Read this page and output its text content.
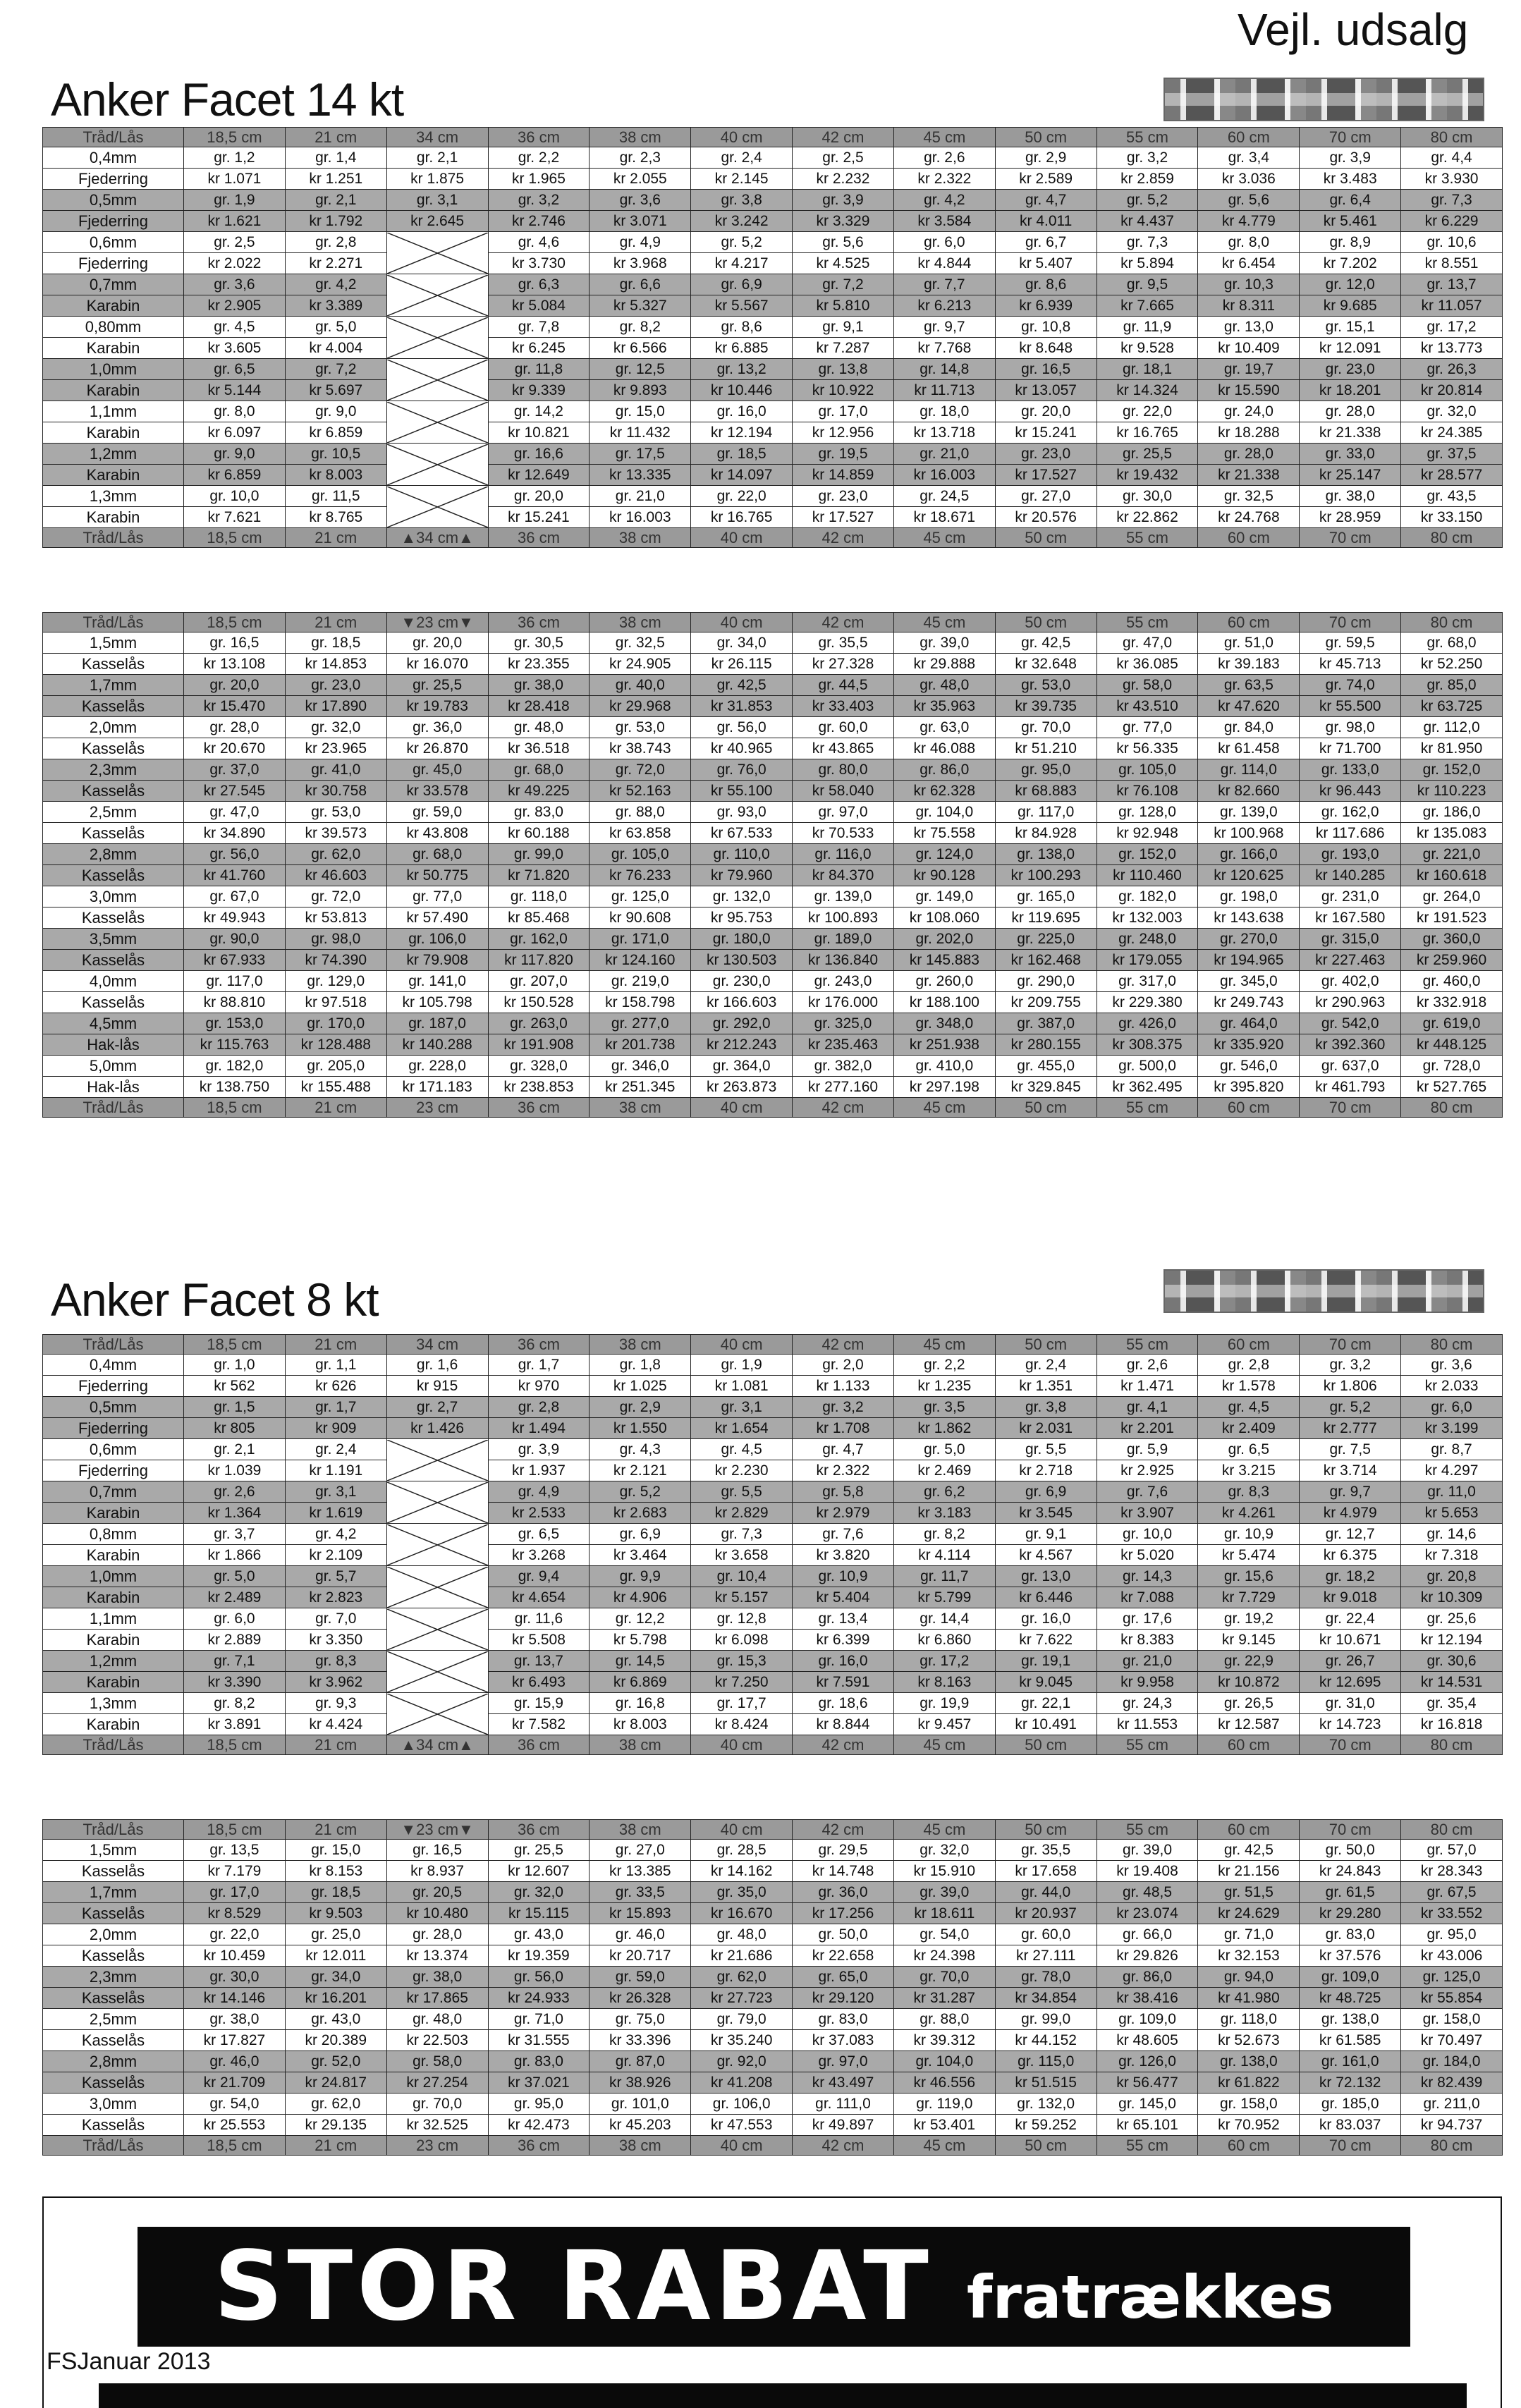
Vejl. udsalg
Anker Facet 14 kt
Tråd/Lås	18,5 cm	21 cm	34 cm	36 cm	38 cm	40 cm	42 cm	45 cm	50 cm	55 cm	60 cm	70 cm	80 cm
0,4mm	gr. 1,2	gr. 1,4	gr. 2,1	gr. 2,2	gr. 2,3	gr. 2,4	gr. 2,5	gr. 2,6	gr. 2,9	gr. 3,2	gr. 3,4	gr. 3,9	gr. 4,4
Fjederring	kr 1.071	kr 1.251	kr 1.875	kr 1.965	kr 2.055	kr 2.145	kr 2.232	kr 2.322	kr 2.589	kr 2.859	kr 3.036	kr 3.483	kr 3.930
0,5mm	gr. 1,9	gr. 2,1	gr. 3,1	gr. 3,2	gr. 3,6	gr. 3,8	gr. 3,9	gr. 4,2	gr. 4,7	gr. 5,2	gr. 5,6	gr. 6,4	gr. 7,3
Fjederring	kr 1.621	kr 1.792	kr 2.645	kr 2.746	kr 3.071	kr 3.242	kr 3.329	kr 3.584	kr 4.011	kr 4.437	kr 4.779	kr 5.461	kr 6.229
0,6mm	gr. 2,5	gr. 2,8		gr. 4,6	gr. 4,9	gr. 5,2	gr. 5,6	gr. 6,0	gr. 6,7	gr. 7,3	gr. 8,0	gr. 8,9	gr. 10,6
Fjederring	kr 2.022	kr 2.271		kr 3.730	kr 3.968	kr 4.217	kr 4.525	kr 4.844	kr 5.407	kr 5.894	kr 6.454	kr 7.202	kr 8.551
0,7mm	gr. 3,6	gr. 4,2		gr. 6,3	gr. 6,6	gr. 6,9	gr. 7,2	gr. 7,7	gr. 8,6	gr. 9,5	gr. 10,3	gr. 12,0	gr. 13,7
Karabin	kr 2.905	kr 3.389		kr 5.084	kr 5.327	kr 5.567	kr 5.810	kr 6.213	kr 6.939	kr 7.665	kr 8.311	kr 9.685	kr 11.057
0,80mm	gr. 4,5	gr. 5,0		gr. 7,8	gr. 8,2	gr. 8,6	gr. 9,1	gr. 9,7	gr. 10,8	gr. 11,9	gr. 13,0	gr. 15,1	gr. 17,2
Karabin	kr 3.605	kr 4.004		kr 6.245	kr 6.566	kr 6.885	kr 7.287	kr 7.768	kr 8.648	kr 9.528	kr 10.409	kr 12.091	kr 13.773
1,0mm	gr. 6,5	gr. 7,2		gr. 11,8	gr. 12,5	gr. 13,2	gr. 13,8	gr. 14,8	gr. 16,5	gr. 18,1	gr. 19,7	gr. 23,0	gr. 26,3
Karabin	kr 5.144	kr 5.697		kr 9.339	kr 9.893	kr 10.446	kr 10.922	kr 11.713	kr 13.057	kr 14.324	kr 15.590	kr 18.201	kr 20.814
1,1mm	gr. 8,0	gr. 9,0		gr. 14,2	gr. 15,0	gr. 16,0	gr. 17,0	gr. 18,0	gr. 20,0	gr. 22,0	gr. 24,0	gr. 28,0	gr. 32,0
Karabin	kr 6.097	kr 6.859		kr 10.821	kr 11.432	kr 12.194	kr 12.956	kr 13.718	kr 15.241	kr 16.765	kr 18.288	kr 21.338	kr 24.385
1,2mm	gr. 9,0	gr. 10,5		gr. 16,6	gr. 17,5	gr. 18,5	gr. 19,5	gr. 21,0	gr. 23,0	gr. 25,5	gr. 28,0	gr. 33,0	gr. 37,5
Karabin	kr 6.859	kr 8.003		kr 12.649	kr 13.335	kr 14.097	kr 14.859	kr 16.003	kr 17.527	kr 19.432	kr 21.338	kr 25.147	kr 28.577
1,3mm	gr. 10,0	gr. 11,5		gr. 20,0	gr. 21,0	gr. 22,0	gr. 23,0	gr. 24,5	gr. 27,0	gr. 30,0	gr. 32,5	gr. 38,0	gr. 43,5
Karabin	kr 7.621	kr 8.765		kr 15.241	kr 16.003	kr 16.765	kr 17.527	kr 18.671	kr 20.576	kr 22.862	kr 24.768	kr 28.959	kr 33.150
Tråd/Lås	18,5 cm	21 cm	▲34 cm▲	36 cm	38 cm	40 cm	42 cm	45 cm	50 cm	55 cm	60 cm	70 cm	80 cm
Tråd/Lås	18,5 cm	21 cm	▼23 cm▼	36 cm	38 cm	40 cm	42 cm	45 cm	50 cm	55 cm	60 cm	70 cm	80 cm
1,5mm	gr. 16,5	gr. 18,5	gr. 20,0	gr. 30,5	gr. 32,5	gr. 34,0	gr. 35,5	gr. 39,0	gr. 42,5	gr. 47,0	gr. 51,0	gr. 59,5	gr. 68,0
Kasselås	kr 13.108	kr 14.853	kr 16.070	kr 23.355	kr 24.905	kr 26.115	kr 27.328	kr 29.888	kr 32.648	kr 36.085	kr 39.183	kr 45.713	kr 52.250
1,7mm	gr. 20,0	gr. 23,0	gr. 25,5	gr. 38,0	gr. 40,0	gr. 42,5	gr. 44,5	gr. 48,0	gr. 53,0	gr. 58,0	gr. 63,5	gr. 74,0	gr. 85,0
Kasselås	kr 15.470	kr 17.890	kr 19.783	kr 28.418	kr 29.968	kr 31.853	kr 33.403	kr 35.963	kr 39.735	kr 43.510	kr 47.620	kr 55.500	kr 63.725
2,0mm	gr. 28,0	gr. 32,0	gr. 36,0	gr. 48,0	gr. 53,0	gr. 56,0	gr. 60,0	gr. 63,0	gr. 70,0	gr. 77,0	gr. 84,0	gr. 98,0	gr. 112,0
Kasselås	kr 20.670	kr 23.965	kr 26.870	kr 36.518	kr 38.743	kr 40.965	kr 43.865	kr 46.088	kr 51.210	kr 56.335	kr 61.458	kr 71.700	kr 81.950
2,3mm	gr. 37,0	gr. 41,0	gr. 45,0	gr. 68,0	gr. 72,0	gr. 76,0	gr. 80,0	gr. 86,0	gr. 95,0	gr. 105,0	gr. 114,0	gr. 133,0	gr. 152,0
Kasselås	kr 27.545	kr 30.758	kr 33.578	kr 49.225	kr 52.163	kr 55.100	kr 58.040	kr 62.328	kr 68.883	kr 76.108	kr 82.660	kr 96.443	kr 110.223
2,5mm	gr. 47,0	gr. 53,0	gr. 59,0	gr. 83,0	gr. 88,0	gr. 93,0	gr. 97,0	gr. 104,0	gr. 117,0	gr. 128,0	gr. 139,0	gr. 162,0	gr. 186,0
Kasselås	kr 34.890	kr 39.573	kr 43.808	kr 60.188	kr 63.858	kr 67.533	kr 70.533	kr 75.558	kr 84.928	kr 92.948	kr 100.968	kr 117.686	kr 135.083
2,8mm	gr. 56,0	gr. 62,0	gr. 68,0	gr. 99,0	gr. 105,0	gr. 110,0	gr. 116,0	gr. 124,0	gr. 138,0	gr. 152,0	gr. 166,0	gr. 193,0	gr. 221,0
Kasselås	kr 41.760	kr 46.603	kr 50.775	kr 71.820	kr 76.233	kr 79.960	kr 84.370	kr 90.128	kr 100.293	kr 110.460	kr 120.625	kr 140.285	kr 160.618
3,0mm	gr. 67,0	gr. 72,0	gr. 77,0	gr. 118,0	gr. 125,0	gr. 132,0	gr. 139,0	gr. 149,0	gr. 165,0	gr. 182,0	gr. 198,0	gr. 231,0	gr. 264,0
Kasselås	kr 49.943	kr 53.813	kr 57.490	kr 85.468	kr 90.608	kr 95.753	kr 100.893	kr 108.060	kr 119.695	kr 132.003	kr 143.638	kr 167.580	kr 191.523
3,5mm	gr. 90,0	gr. 98,0	gr. 106,0	gr. 162,0	gr. 171,0	gr. 180,0	gr. 189,0	gr. 202,0	gr. 225,0	gr. 248,0	gr. 270,0	gr. 315,0	gr. 360,0
Kasselås	kr 67.933	kr 74.390	kr 79.908	kr 117.820	kr 124.160	kr 130.503	kr 136.840	kr 145.883	kr 162.468	kr 179.055	kr 194.965	kr 227.463	kr 259.960
4,0mm	gr. 117,0	gr. 129,0	gr. 141,0	gr. 207,0	gr. 219,0	gr. 230,0	gr. 243,0	gr. 260,0	gr. 290,0	gr. 317,0	gr. 345,0	gr. 402,0	gr. 460,0
Kasselås	kr 88.810	kr 97.518	kr 105.798	kr 150.528	kr 158.798	kr 166.603	kr 176.000	kr 188.100	kr 209.755	kr 229.380	kr 249.743	kr 290.963	kr 332.918
4,5mm	gr. 153,0	gr. 170,0	gr. 187,0	gr. 263,0	gr. 277,0	gr. 292,0	gr. 325,0	gr. 348,0	gr. 387,0	gr. 426,0	gr. 464,0	gr. 542,0	gr. 619,0
Hak-lås	kr 115.763	kr 128.488	kr 140.288	kr 191.908	kr 201.738	kr 212.243	kr 235.463	kr 251.938	kr 280.155	kr 308.375	kr 335.920	kr 392.360	kr 448.125
5,0mm	gr. 182,0	gr. 205,0	gr. 228,0	gr. 328,0	gr. 346,0	gr. 364,0	gr. 382,0	gr. 410,0	gr. 455,0	gr. 500,0	gr. 546,0	gr. 637,0	gr. 728,0
Hak-lås	kr 138.750	kr 155.488	kr 171.183	kr 238.853	kr 251.345	kr 263.873	kr 277.160	kr 297.198	kr 329.845	kr 362.495	kr 395.820	kr 461.793	kr 527.765
Tråd/Lås	18,5 cm	21 cm	23 cm	36 cm	38 cm	40 cm	42 cm	45 cm	50 cm	55 cm	60 cm	70 cm	80 cm
Anker Facet 8 kt
Tråd/Lås	18,5 cm	21 cm	34 cm	36 cm	38 cm	40 cm	42 cm	45 cm	50 cm	55 cm	60 cm	70 cm	80 cm
0,4mm	gr. 1,0	gr. 1,1	gr. 1,6	gr. 1,7	gr. 1,8	gr. 1,9	gr. 2,0	gr. 2,2	gr. 2,4	gr. 2,6	gr. 2,8	gr. 3,2	gr. 3,6
Fjederring	kr 562	kr 626	kr 915	kr 970	kr 1.025	kr 1.081	kr 1.133	kr 1.235	kr 1.351	kr 1.471	kr 1.578	kr 1.806	kr 2.033
0,5mm	gr. 1,5	gr. 1,7	gr. 2,7	gr. 2,8	gr. 2,9	gr. 3,1	gr. 3,2	gr. 3,5	gr. 3,8	gr. 4,1	gr. 4,5	gr. 5,2	gr. 6,0
Fjederring	kr 805	kr 909	kr 1.426	kr 1.494	kr 1.550	kr 1.654	kr 1.708	kr 1.862	kr 2.031	kr 2.201	kr 2.409	kr 2.777	kr 3.199
0,6mm	gr. 2,1	gr. 2,4		gr. 3,9	gr. 4,3	gr. 4,5	gr. 4,7	gr. 5,0	gr. 5,5	gr. 5,9	gr. 6,5	gr. 7,5	gr. 8,7
Fjederring	kr 1.039	kr 1.191		kr 1.937	kr 2.121	kr 2.230	kr 2.322	kr 2.469	kr 2.718	kr 2.925	kr 3.215	kr 3.714	kr 4.297
0,7mm	gr. 2,6	gr. 3,1		gr. 4,9	gr. 5,2	gr. 5,5	gr. 5,8	gr. 6,2	gr. 6,9	gr. 7,6	gr. 8,3	gr. 9,7	gr. 11,0
Karabin	kr 1.364	kr 1.619		kr 2.533	kr 2.683	kr 2.829	kr 2.979	kr 3.183	kr 3.545	kr 3.907	kr 4.261	kr 4.979	kr 5.653
0,8mm	gr. 3,7	gr. 4,2		gr. 6,5	gr. 6,9	gr. 7,3	gr. 7,6	gr. 8,2	gr. 9,1	gr. 10,0	gr. 10,9	gr. 12,7	gr. 14,6
Karabin	kr 1.866	kr 2.109		kr 3.268	kr 3.464	kr 3.658	kr 3.820	kr 4.114	kr 4.567	kr 5.020	kr 5.474	kr 6.375	kr 7.318
1,0mm	gr. 5,0	gr. 5,7		gr. 9,4	gr. 9,9	gr. 10,4	gr. 10,9	gr. 11,7	gr. 13,0	gr. 14,3	gr. 15,6	gr. 18,2	gr. 20,8
Karabin	kr 2.489	kr 2.823		kr 4.654	kr 4.906	kr 5.157	kr 5.404	kr 5.799	kr 6.446	kr 7.088	kr 7.729	kr 9.018	kr 10.309
1,1mm	gr. 6,0	gr. 7,0		gr. 11,6	gr. 12,2	gr. 12,8	gr. 13,4	gr. 14,4	gr. 16,0	gr. 17,6	gr. 19,2	gr. 22,4	gr. 25,6
Karabin	kr 2.889	kr 3.350		kr 5.508	kr 5.798	kr 6.098	kr 6.399	kr 6.860	kr 7.622	kr 8.383	kr 9.145	kr 10.671	kr 12.194
1,2mm	gr. 7,1	gr. 8,3		gr. 13,7	gr. 14,5	gr. 15,3	gr. 16,0	gr. 17,2	gr. 19,1	gr. 21,0	gr. 22,9	gr. 26,7	gr. 30,6
Karabin	kr 3.390	kr 3.962		kr 6.493	kr 6.869	kr 7.250	kr 7.591	kr 8.163	kr 9.045	kr 9.958	kr 10.872	kr 12.695	kr 14.531
1,3mm	gr. 8,2	gr. 9,3		gr. 15,9	gr. 16,8	gr. 17,7	gr. 18,6	gr. 19,9	gr. 22,1	gr. 24,3	gr. 26,5	gr. 31,0	gr. 35,4
Karabin	kr 3.891	kr 4.424		kr 7.582	kr 8.003	kr 8.424	kr 8.844	kr 9.457	kr 10.491	kr 11.553	kr 12.587	kr 14.723	kr 16.818
Tråd/Lås	18,5 cm	21 cm	▲34 cm▲	36 cm	38 cm	40 cm	42 cm	45 cm	50 cm	55 cm	60 cm	70 cm	80 cm
Tråd/Lås	18,5 cm	21 cm	▼23 cm▼	36 cm	38 cm	40 cm	42 cm	45 cm	50 cm	55 cm	60 cm	70 cm	80 cm
1,5mm	gr. 13,5	gr. 15,0	gr. 16,5	gr. 25,5	gr. 27,0	gr. 28,5	gr. 29,5	gr. 32,0	gr. 35,5	gr. 39,0	gr. 42,5	gr. 50,0	gr. 57,0
Kasselås	kr 7.179	kr 8.153	kr 8.937	kr 12.607	kr 13.385	kr 14.162	kr 14.748	kr 15.910	kr 17.658	kr 19.408	kr 21.156	kr 24.843	kr 28.343
1,7mm	gr. 17,0	gr. 18,5	gr. 20,5	gr. 32,0	gr. 33,5	gr. 35,0	gr. 36,0	gr. 39,0	gr. 44,0	gr. 48,5	gr. 51,5	gr. 61,5	gr. 67,5
Kasselås	kr 8.529	kr 9.503	kr 10.480	kr 15.115	kr 15.893	kr 16.670	kr 17.256	kr 18.611	kr 20.937	kr 23.074	kr 24.629	kr 29.280	kr 33.552
2,0mm	gr. 22,0	gr. 25,0	gr. 28,0	gr. 43,0	gr. 46,0	gr. 48,0	gr. 50,0	gr. 54,0	gr. 60,0	gr. 66,0	gr. 71,0	gr. 83,0	gr. 95,0
Kasselås	kr 10.459	kr 12.011	kr 13.374	kr 19.359	kr 20.717	kr 21.686	kr 22.658	kr 24.398	kr 27.111	kr 29.826	kr 32.153	kr 37.576	kr 43.006
2,3mm	gr. 30,0	gr. 34,0	gr. 38,0	gr. 56,0	gr. 59,0	gr. 62,0	gr. 65,0	gr. 70,0	gr. 78,0	gr. 86,0	gr. 94,0	gr. 109,0	gr. 125,0
Kasselås	kr 14.146	kr 16.201	kr 17.865	kr 24.933	kr 26.328	kr 27.723	kr 29.120	kr 31.287	kr 34.854	kr 38.416	kr 41.980	kr 48.725	kr 55.854
2,5mm	gr. 38,0	gr. 43,0	gr. 48,0	gr. 71,0	gr. 75,0	gr. 79,0	gr. 83,0	gr. 88,0	gr. 99,0	gr. 109,0	gr. 118,0	gr. 138,0	gr. 158,0
Kasselås	kr 17.827	kr 20.389	kr 22.503	kr 31.555	kr 33.396	kr 35.240	kr 37.083	kr 39.312	kr 44.152	kr 48.605	kr 52.673	kr 61.585	kr 70.497
2,8mm	gr. 46,0	gr. 52,0	gr. 58,0	gr. 83,0	gr. 87,0	gr. 92,0	gr. 97,0	gr. 104,0	gr. 115,0	gr. 126,0	gr. 138,0	gr. 161,0	gr. 184,0
Kasselås	kr 21.709	kr 24.817	kr 27.254	kr 37.021	kr 38.926	kr 41.208	kr 43.497	kr 46.556	kr 51.515	kr 56.477	kr 61.822	kr 72.132	kr 82.439
3,0mm	gr. 54,0	gr. 62,0	gr. 70,0	gr. 95,0	gr. 101,0	gr. 106,0	gr. 111,0	gr. 119,0	gr. 132,0	gr. 145,0	gr. 158,0	gr. 185,0	gr. 211,0
Kasselås	kr 25.553	kr 29.135	kr 32.525	kr 42.473	kr 45.203	kr 47.553	kr 49.897	kr 53.401	kr 59.252	kr 65.101	kr 70.952	kr 83.037	kr 94.737
Tråd/Lås	18,5 cm	21 cm	23 cm	36 cm	38 cm	40 cm	42 cm	45 cm	50 cm	55 cm	60 cm	70 cm	80 cm
STOR RABAT fratrækkes
FSJanuar 2013
